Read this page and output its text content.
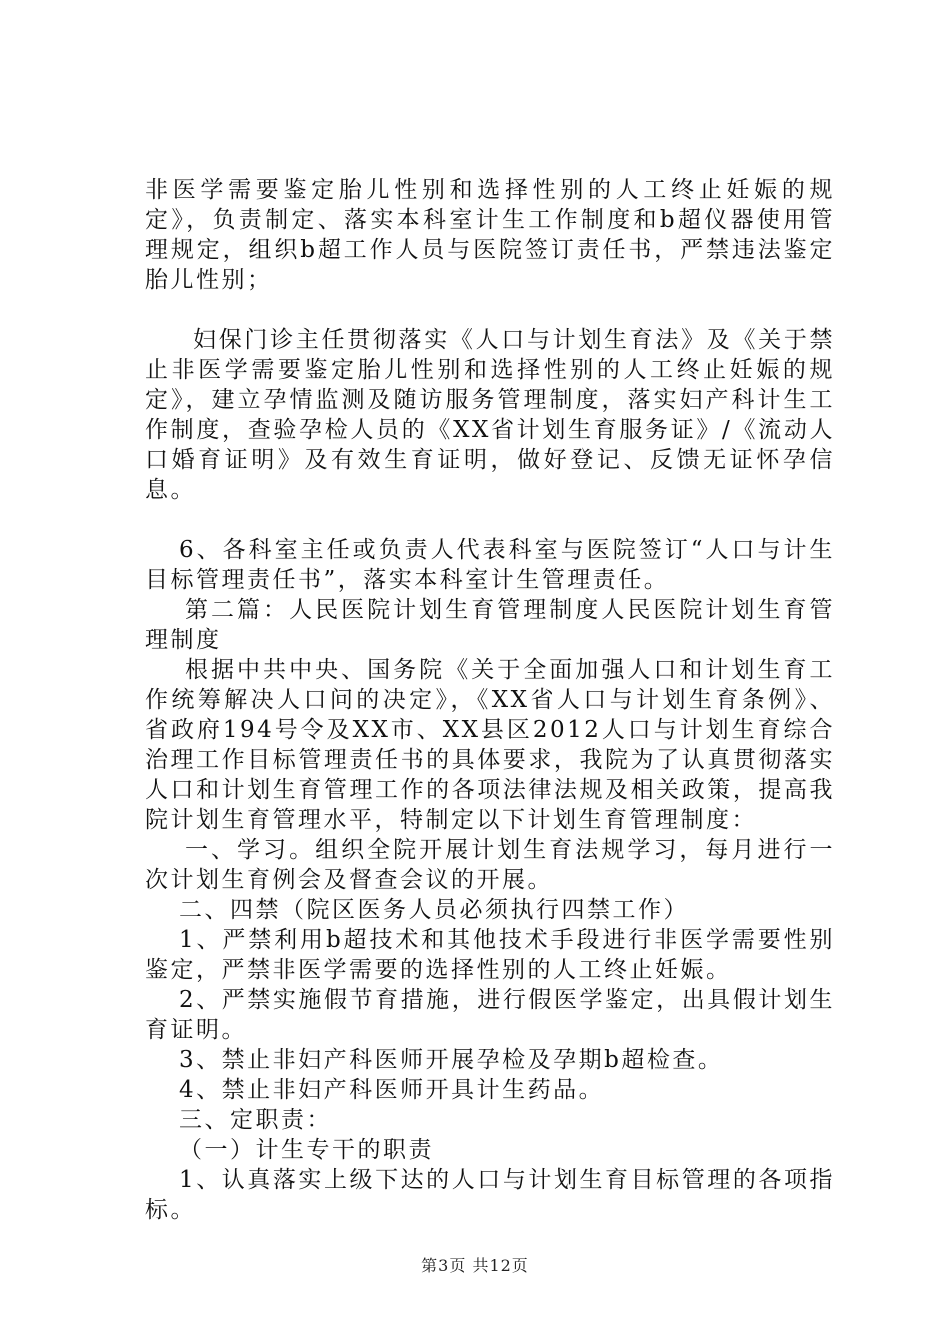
非医学需要鉴定胎儿性别和选择性别的人工终止妊娠的规定》，负责制定、落实本科室计生工作制度和b超仪器使用管理规定，组织b超工作人员与医院签订责任书，严禁违法鉴定胎儿性别；

妇保门诊主任贯彻落实《人口与计划生育法》及《关于禁止非医学需要鉴定胎儿性别和选择性别的人工终止妊娠的规定》，建立孕情监测及随访服务管理制度，落实妇产科计生工作制度，查验孕检人员的《XX省计划生育服务证》/《流动人口婚育证明》及有效生育证明，做好登记、反馈无证怀孕信息。

6、各科室主任或负责人代表科室与医院签订“人口与计生目标管理责任书”，落实本科室计生管理责任。

第二篇：人民医院计划生育管理制度人民医院计划生育管理制度

根据中共中央、国务院《关于全面加强人口和计划生育工作统筹解决人口问的决定》，《XX省人口与计划生育条例》、省政府194号令及XX市、XX县区2012人口与计划生育综合治理工作目标管理责任书的具体要求，我院为了认真贯彻落实人口和计划生育管理工作的各项法律法规及相关政策，提高我院计划生育管理水平，特制定以下计划生育管理制度：

一、学习。组织全院开展计划生育法规学习，每月进行一次计划生育例会及督查会议的开展。

二、四禁（院区医务人员必须执行四禁工作）

1、严禁利用b超技术和其他技术手段进行非医学需要性别鉴定，严禁非医学需要的选择性别的人工终止妊娠。

2、严禁实施假节育措施，进行假医学鉴定，出具假计划生育证明。

3、禁止非妇产科医师开展孕检及孕期b超检查。

4、禁止非妇产科医师开具计生药品。

三、定职责：

（一）计生专干的职责

1、认真落实上级下达的人口与计划生育目标管理的各项指标。

第3页 共12页
